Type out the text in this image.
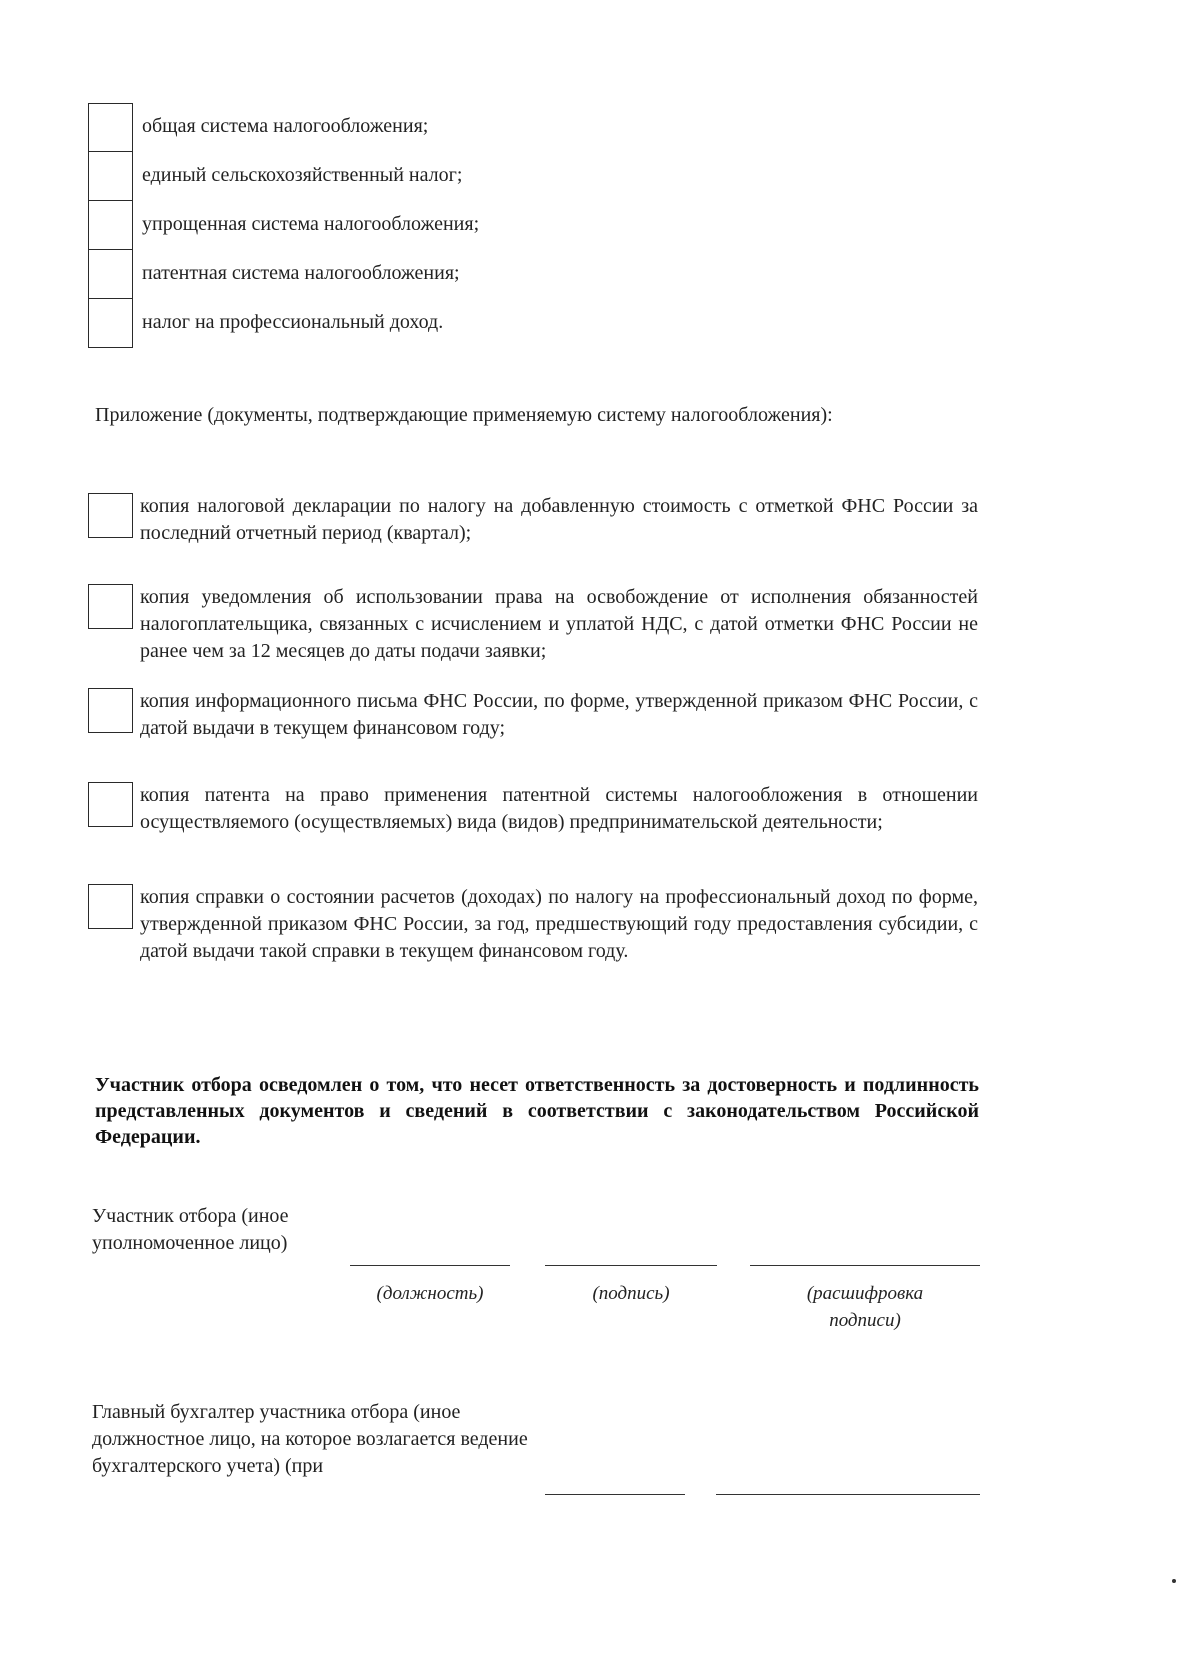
общая система налогообложения;
единый сельскохозяйственный налог;
упрощенная система налогообложения;
патентная система налогообложения;
налог на профессиональный доход.
Приложение (документы, подтверждающие применяемую систему налогообложения):
копия налоговой декларации по налогу на добавленную стоимость с отметкой ФНС России за последний отчетный период (квартал);
копия уведомления об использовании права на освобождение от исполнения обязанностей налогоплательщика, связанных с исчислением и уплатой НДС, с датой отметки ФНС России не ранее чем за 12 месяцев до даты подачи заявки;
копия информационного письма ФНС России, по форме, утвержденной приказом ФНС России, с датой выдачи в текущем финансовом году;
копия патента на право применения патентной системы налогообложения в отношении осуществляемого (осуществляемых) вида (видов) предпринимательской деятельности;
копия справки о состоянии расчетов (доходах) по налогу на профессиональный доход по форме, утвержденной приказом ФНС России, за год, предшествующий году предоставления субсидии, с датой выдачи такой справки в текущем финансовом году.
Участник отбора осведомлен о том, что несет ответственность за достоверность и подлинность представленных документов и сведений в соответствии с законодательством Российской Федерации.
Участник отбора (иное уполномоченное лицо)
(должность)	(подпись)	(расшифровка подписи)
Главный бухгалтер участника отбора (иное должностное лицо, на которое возлагается ведение бухгалтерского учета) (при
